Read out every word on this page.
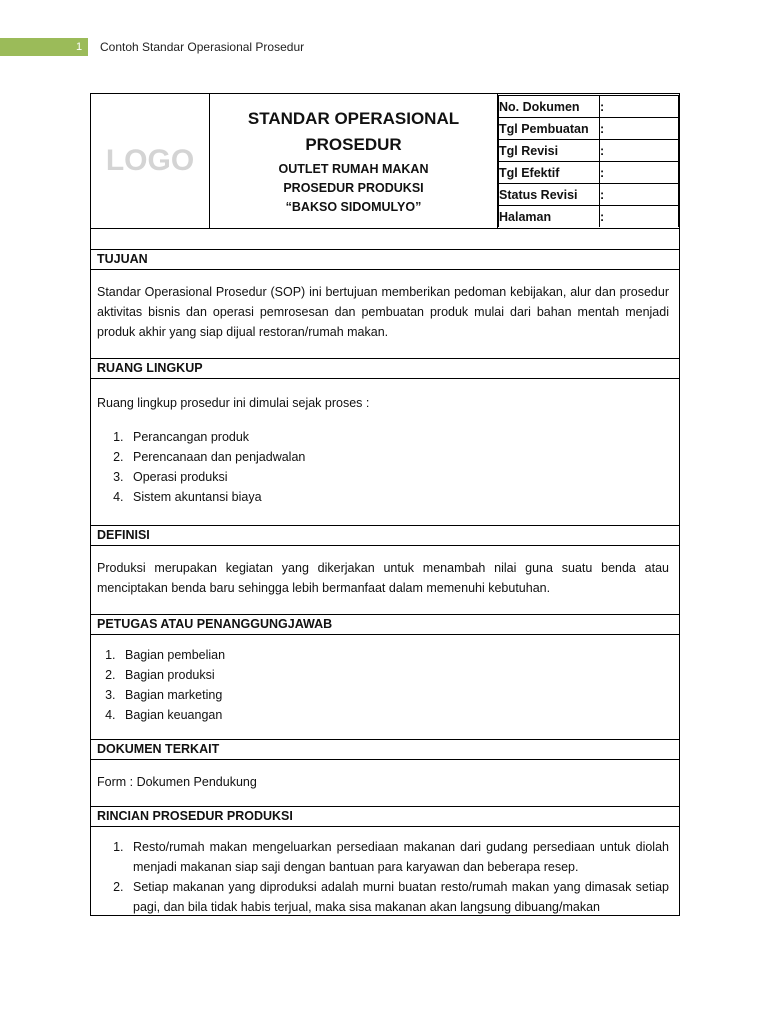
1	Contoh Standar Operasional Prosedur
LOGO	
STANDAR OPERASIONAL
PROSEDUR
OUTLET RUMAH MAKAN
PROSEDUR PRODUKSI
“BAKSO SIDOMULYO”

No. Dokumen	:
Tgl Pembuatan	:
Tgl Revisi	:
Tgl Efektif	:
Status Revisi	:
Halaman	:
TUJUAN
Standar Operasional Prosedur (SOP) ini bertujuan memberikan pedoman kebijakan, alur dan prosedur aktivitas bisnis dan operasi pemrosesan dan pembuatan produk mulai dari bahan mentah menjadi produk akhir yang siap dijual restoran/rumah makan.
RUANG LINGKUP
Ruang lingkup prosedur ini dimulai sejak proses :
1. Perancangan produk
2. Perencanaan dan penjadwalan
3. Operasi produksi
4. Sistem akuntansi biaya
DEFINISI
Produksi merupakan kegiatan yang dikerjakan untuk menambah nilai guna suatu benda atau menciptakan benda baru sehingga lebih bermanfaat dalam memenuhi kebutuhan.
PETUGAS ATAU PENANGGUNGJAWAB
1. Bagian pembelian
2. Bagian produksi
3. Bagian marketing
4. Bagian keuangan
DOKUMEN TERKAIT
Form : Dokumen Pendukung
RINCIAN PROSEDUR PRODUKSI
1. Resto/rumah makan mengeluarkan persediaan makanan dari gudang persediaan untuk diolah menjadi makanan siap saji dengan bantuan para karyawan dan beberapa resep.
2. Setiap makanan yang diproduksi adalah murni buatan resto/rumah makan yang dimasak setiap pagi, dan bila tidak habis terjual, maka sisa makanan akan langsung dibuang/makan
